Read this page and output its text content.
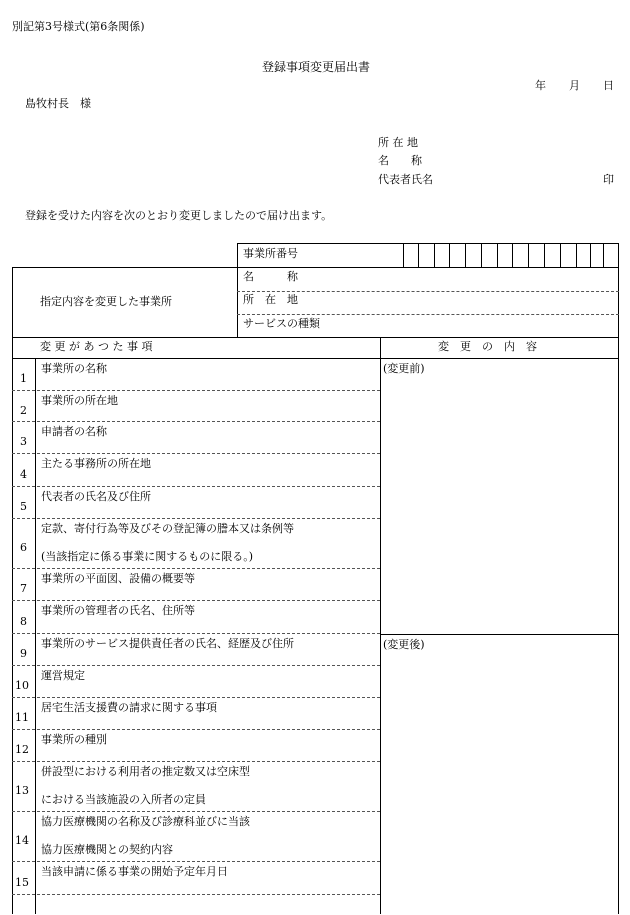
別記第3号様式(第6条関係)
登録事項変更届出書
年 月 日
島牧村長　様
所 在 地
名　　称
代表者氏名	印
登録を受けた内容を次のとおり変更しましたので届け出ます。
事業所番号
指定内容を変更した事業所
名　　　称
所　在　地
サービスの種類
変 更 が あ つ た 事 項	変　更　の　内　容
(変更前)
(変更後)
1
事業所の名称
2
事業所の所在地
3
申請者の名称
4
主たる事務所の所在地
5
代表者の氏名及び住所
6
定款、寄付行為等及びその登記簿の謄本又は条例等
(当該指定に係る事業に関するものに限る。)
7
事業所の平面図、設備の概要等
8
事業所の管理者の氏名、住所等
9
事業所のサービス提供責任者の氏名、経歴及び住所
10
運営規定
11
居宅生活支援費の請求に関する事項
12
事業所の種別
13
併設型における利用者の推定数又は空床型
における当該施設の入所者の定員
14
協力医療機関の名称及び診療科並びに当該
協力医療機関との契約内容
15
当該申請に係る事業の開始予定年月日
